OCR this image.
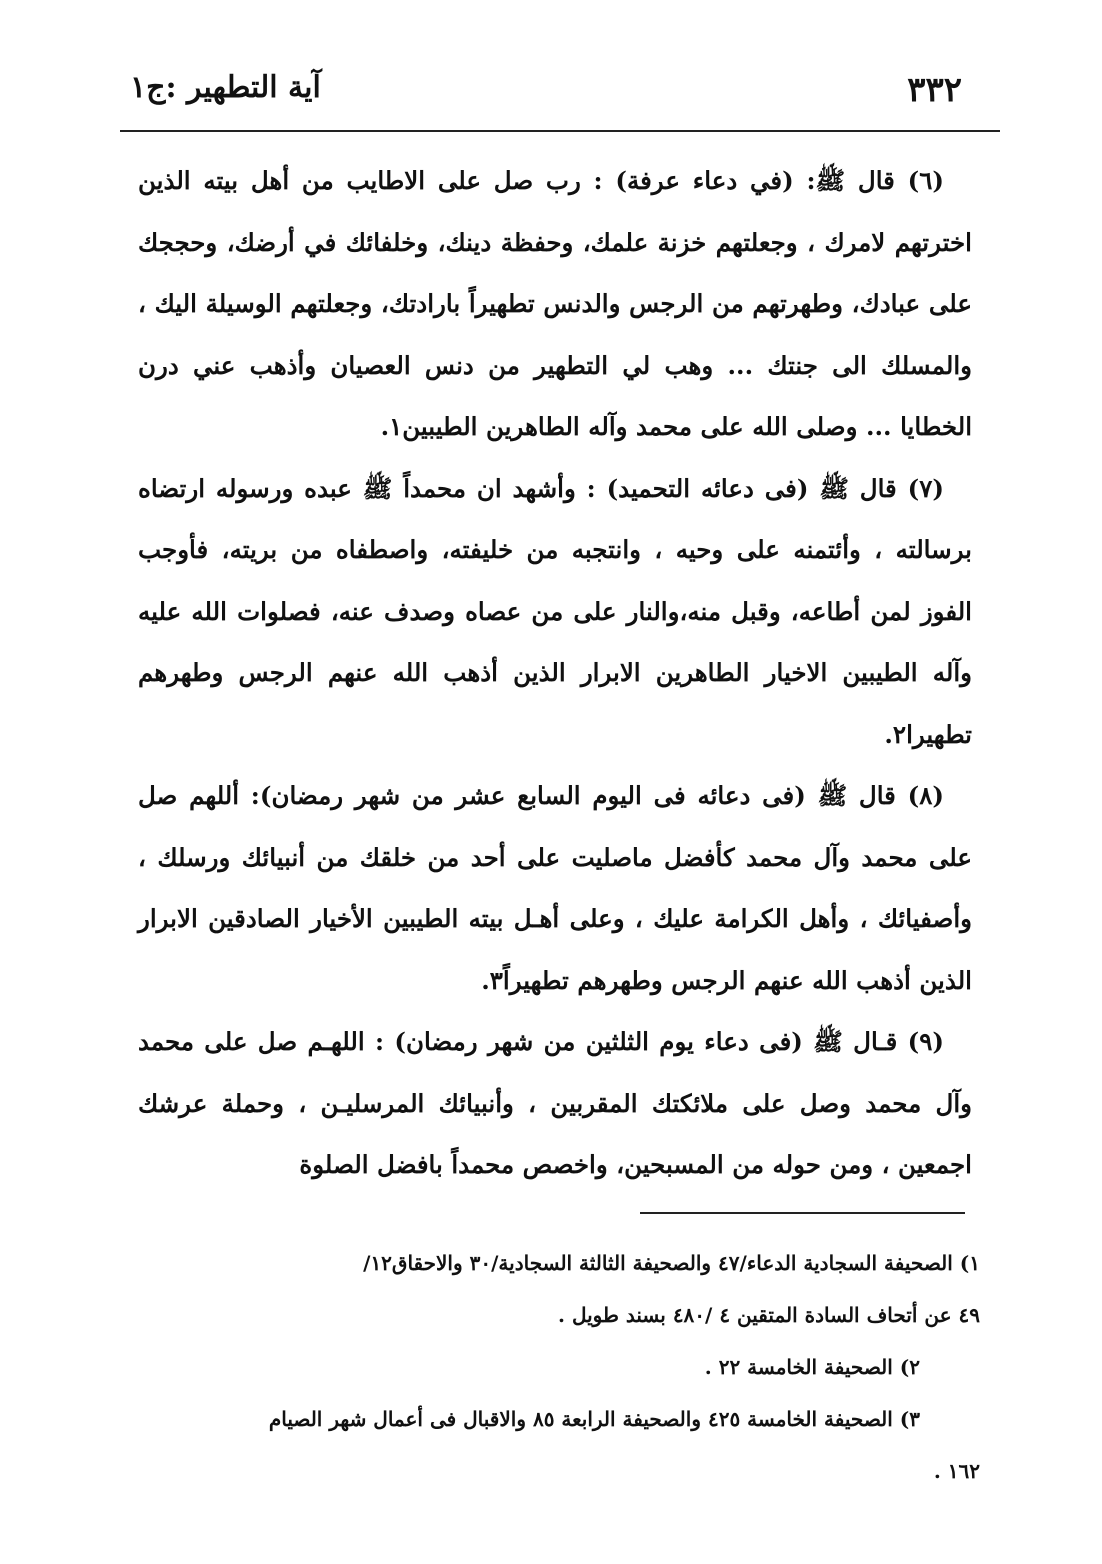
٣٣٢
آية التطهير :ج١

(٦) قال ﷺ: (في دعاء عرفة) : رب صل على الاطايب من أهل بيته الذين اخترتهم لامرك ، وجعلتهم خزنة علمك، وحفظة دينك، وخلفائك في أرضك، وحججك على عبادك، وطهرتهم من الرجس والدنس تطهيراً بارادتك، وجعلتهم الوسيلة اليك ، والمسلك الى جنتك ... وهب لي التطهير من دنس العصيان وأذهب عني درن الخطايا ... وصلى الله على محمد وآله الطاهرين الطيبين١.

(٧) قال ﷺ (فى دعائه التحميد) : وأشهد ان محمداً ﷺ عبده ورسوله ارتضاه برسالته ، وأئتمنه على وحيه ، وانتجبه من خليفته، واصطفاه من بريته، فأوجب الفوز لمن أطاعه، وقبل منه،والنار على من عصاه وصدف عنه، فصلوات الله عليه وآله الطيبين الاخيار الطاهرين الابرار الذين أذهب الله عنهم الرجس وطهرهم تطهيرا٢.

(٨) قال ﷺ (فى دعائه فى اليوم السابع عشر من شهر رمضان): أللهم صل على محمد وآل محمد كأفضل ماصليت على أحد من خلقك من أنبيائك ورسلك ، وأصفيائك ، وأهل الكرامة عليك ، وعلى أهـل بيته الطيبين الأخيار الصادقين الابرار الذين أذهب الله عنهم الرجس وطهرهم تطهيراً٣.

(٩) قـال ﷺ (فى دعاء يوم الثلثين من شهر رمضان) : اللهـم صل على محمد وآل محمد وصل على ملائكتك المقربين ، وأنبيائك المرسليـن ، وحملة عرشك اجمعين ، ومن حوله من المسبحين، واخصص محمداً بافضل الصلوة

١) الصحيفة السجادية الدعاء/٤٧ والصحيفة الثالثة السجادية/٣٠ والاحقاق١٢/

٤٩ عن أتحاف السادة المتقين ٤ /٤٨٠ بسند طويل .

٢) الصحيفة الخامسة ٢٢ .

٣) الصحيفة الخامسة ٤٢٥ والصحيفة الرابعة ٨٥ والاقبال فى أعمال شهر الصيام

١٦٢ .
